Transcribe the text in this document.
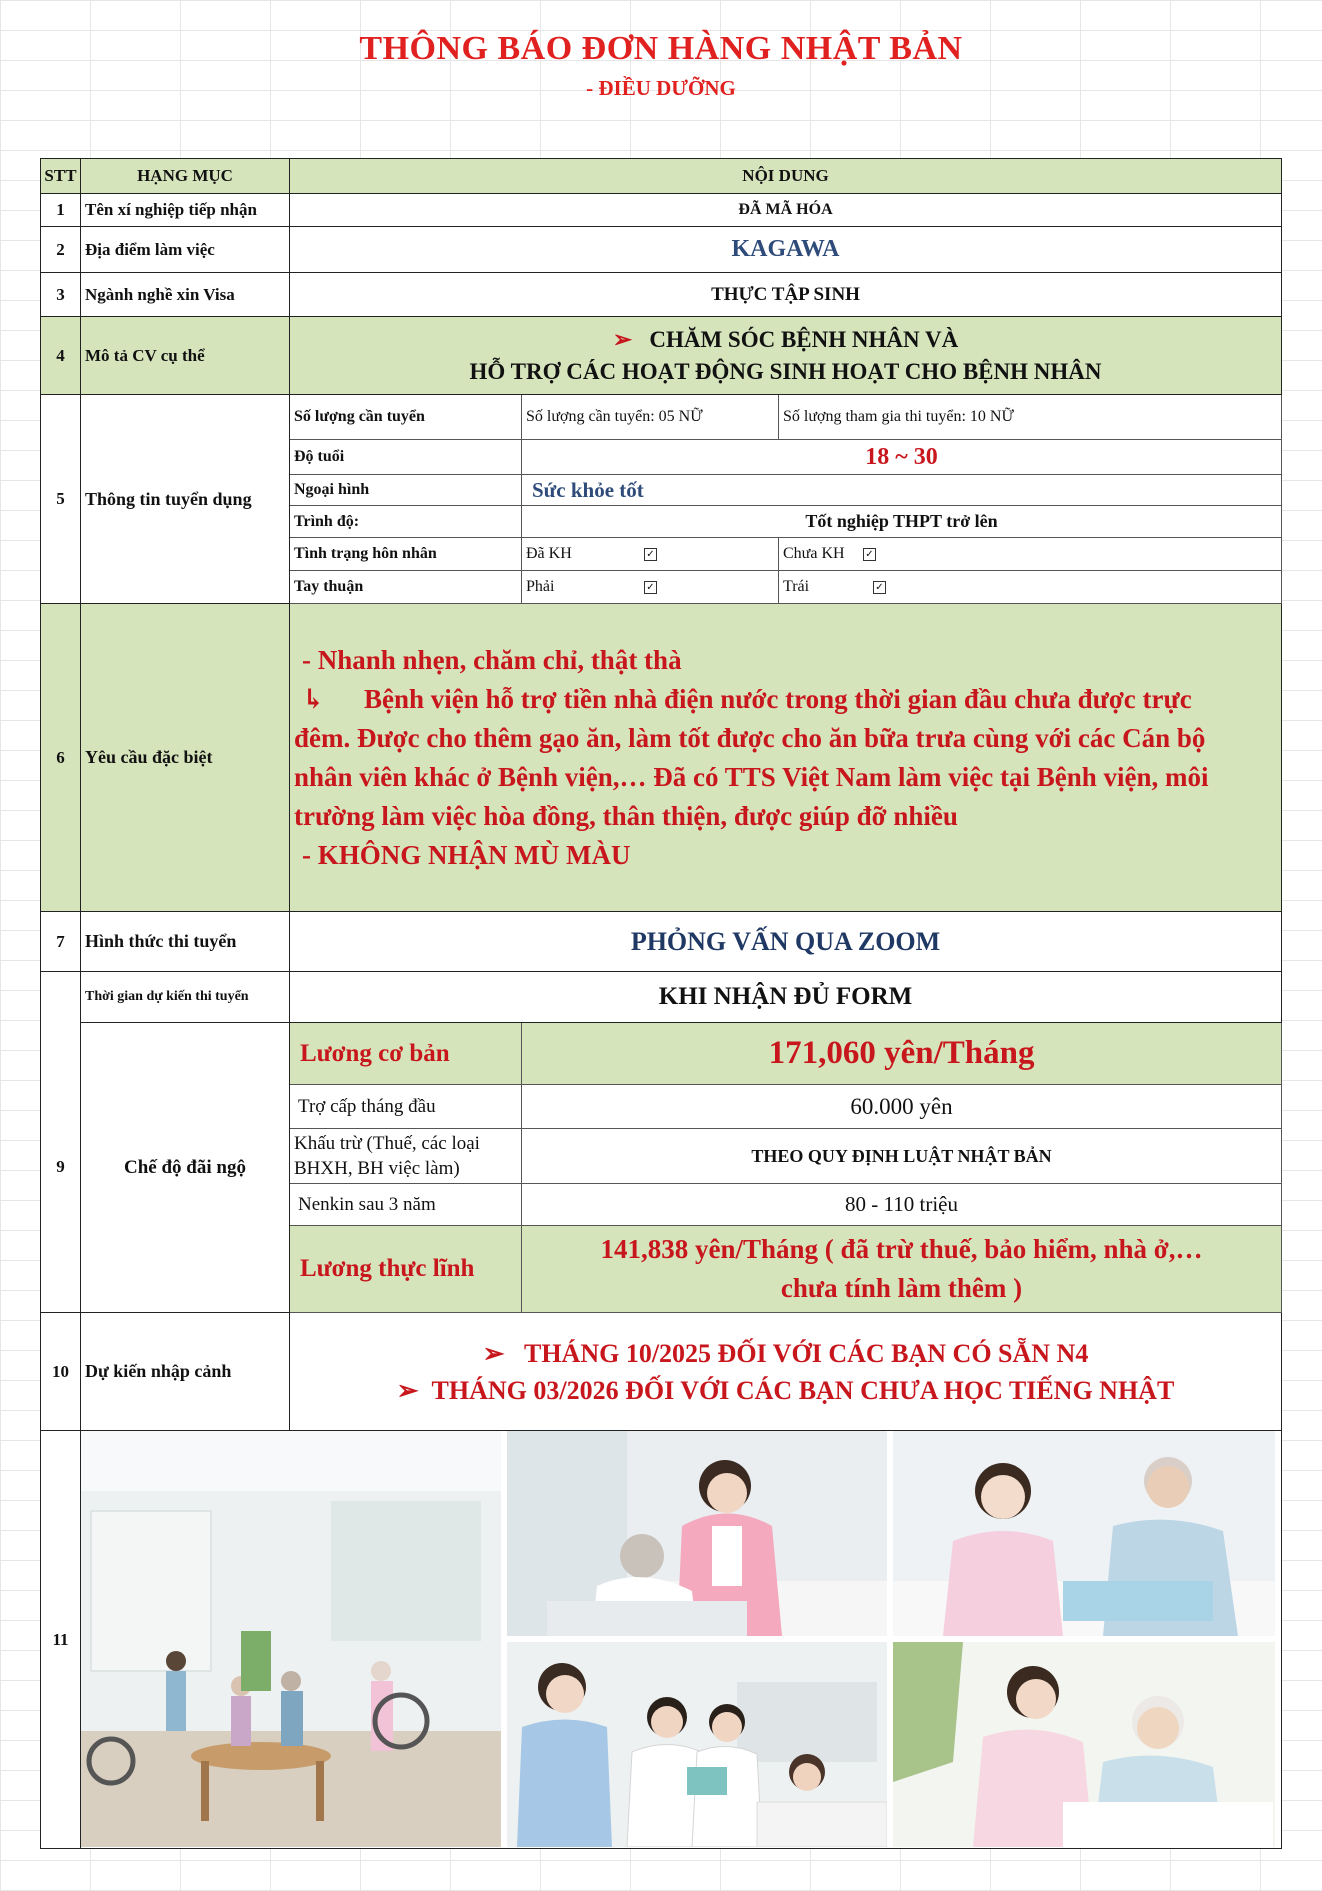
THÔNG BÁO ĐƠN HÀNG NHẬT BẢN
- ĐIỀU DƯỠNG
STT	HẠNG MỤC	NỘI DUNG		
1	Tên xí nghiệp tiếp nhận	ĐÃ MÃ HÓA		
2	Địa điểm làm việc	KAGAWA		
3	Ngành nghề xin Visa	THỰC TẬP SINH		
4	Mô tả CV cụ thể	➢ CHĂM SÓC BỆNH NHÂN VÀ
HỖ TRỢ CÁC HOẠT ĐỘNG SINH HOẠT CHO BỆNH NHÂN		

5	Thông tin tuyển dụng	Số lượng cần tuyển	Số lượng cần tuyển: 05 NỮ	Số lượng tham gia thi tuyển: 10 NỮ
		Độ tuổi	18 ~ 30	
		Ngoại hình	Sức khỏe tốt	
		Trình độ:	Tốt nghiệp THPT trở lên	
		Tình trạng hôn nhân	Đã KH ✓	Chưa KH ✓
		Tay thuận	Phải ✓	Trái ✓
6	Yêu cầu đặc biệt	- Nhanh nhẹn, chăm chỉ, thật thà
↳ Bệnh viện hỗ trợ tiền nhà điện nước trong thời gian đầu chưa được trực đêm. Được cho thêm gạo ăn, làm tốt được cho ăn bữa trưa cùng với các Cán bộ nhân viên khác ở Bệnh viện,… Đã có TTS Việt Nam làm việc tại Bệnh viện, môi trường làm việc hòa đồng, thân thiện, được giúp đỡ nhiều
- KHÔNG NHẬN MÙ MÀU		

7	Hình thức thi tuyển	PHỎNG VẤN QUA ZOOM		

9	Thời gian dự kiến thi tuyển	KHI NHẬN ĐỦ FORM		
	Chế độ đãi ngộ	Lương cơ bản	171,060 yên/Tháng	
		Trợ cấp tháng đầu	60.000 yên	
		Khấu trừ (Thuế, các loại BHXH, BH việc làm)	THEO QUY ĐỊNH LUẬT NHẬT BẢN	
		Nenkin sau 3 năm	80 - 110 triệu	
		Lương thực lĩnh	141,838 yên/Tháng ( đã trừ thuế, bảo hiểm, nhà ở,…
chưa tính làm thêm )	

10	Dự kiến nhập cảnh	➢ THÁNG 10/2025 ĐỐI VỚI CÁC BẠN CÓ SẴN N4
➢ THÁNG 03/2026 ĐỐI VỚI CÁC BẠN CHƯA HỌC TIẾNG NHẬT		

11	
